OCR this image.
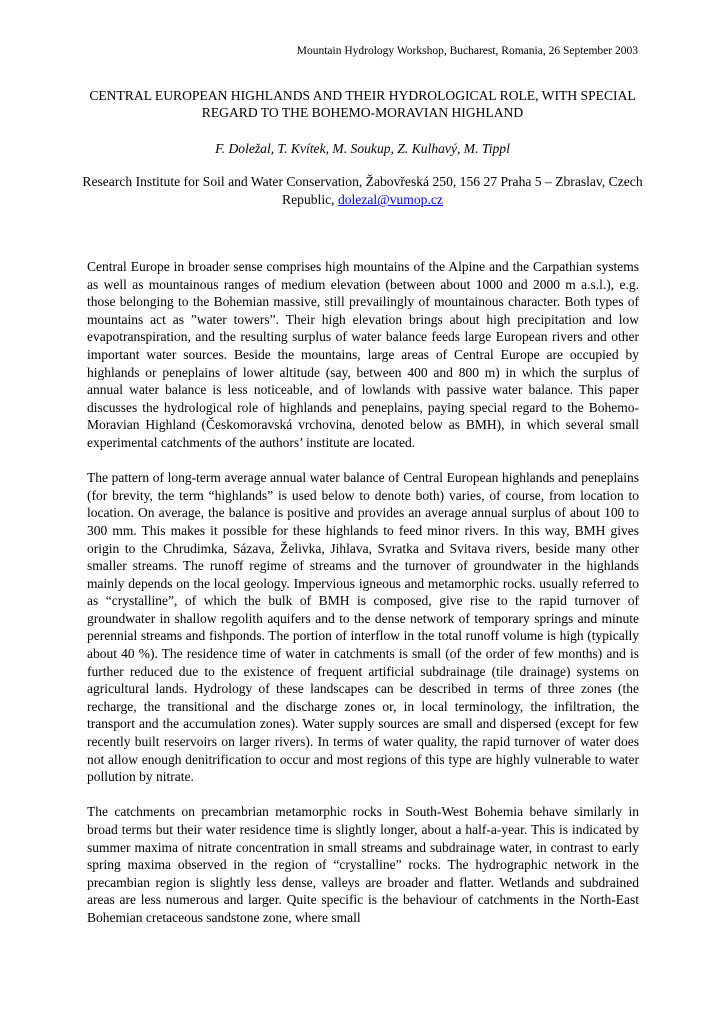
Mountain Hydrology Workshop, Bucharest, Romania, 26 September 2003
CENTRAL EUROPEAN HIGHLANDS AND THEIR HYDROLOGICAL ROLE, WITH SPECIAL REGARD TO THE BOHEMO-MORAVIAN HIGHLAND
F. Doležal, T. Kvítek, M. Soukup, Z. Kulhavý, M. Tippl
Research Institute for Soil and Water Conservation, Žabovřeská 250, 156 27 Praha 5 – Zbraslav, Czech Republic, dolezal@vumop.cz

Central Europe in broader sense comprises high mountains of the Alpine and the Carpathian systems as well as mountainous ranges of medium elevation (between about 1000 and 2000 m a.s.l.), e.g. those belonging to the Bohemian massive, still prevailingly of mountainous character. Both types of mountains act as ”water towers”. Their high elevation brings about high precipitation and low evapotranspiration, and the resulting surplus of water balance feeds large European rivers and other important water sources. Beside the mountains, large areas of Central Europe are occupied by highlands or peneplains of lower altitude (say, between 400 and 800 m) in which the surplus of annual water balance is less noticeable, and of lowlands with passive water balance. This paper discusses the hydrological role of highlands and peneplains, paying special regard to the Bohemo-Moravian Highland (Českomoravská vrchovina, denoted below as BMH), in which several small experimental catchments of the authors’ institute are located.

The pattern of long-term average annual water balance of Central European highlands and peneplains (for brevity, the term “highlands” is used below to denote both) varies, of course, from location to location. On average, the balance is positive and provides an average annual surplus of about 100 to 300 mm. This makes it possible for these highlands to feed minor rivers. In this way, BMH gives origin to the Chrudimka, Sázava, Želivka, Jihlava, Svratka and Svitava rivers, beside many other smaller streams. The runoff regime of streams and the turnover of groundwater in the highlands mainly depends on the local geology. Impervious igneous and metamorphic rocks. usually referred to as “crystalline”, of which the bulk of BMH is composed, give rise to the rapid turnover of groundwater in shallow regolith aquifers and to the dense network of temporary springs and minute perennial streams and fishponds. The portion of interflow in the total runoff volume is high (typically about 40 %). The residence time of water in catchments is small (of the order of few months) and is further reduced due to the existence of frequent artificial subdrainage (tile drainage) systems on agricultural lands. Hydrology of these landscapes can be described in terms of three zones (the recharge, the transitional and the discharge zones or, in local terminology, the infiltration, the transport and the accumulation zones). Water supply sources are small and dispersed (except for few recently built reservoirs on larger rivers). In terms of water quality, the rapid turnover of water does not allow enough denitrification to occur and most regions of this type are highly vulnerable to water pollution by nitrate.

The catchments on precambrian metamorphic rocks in South-West Bohemia behave similarly in broad terms but their water residence time is slightly longer, about a half-a-year. This is indicated by summer maxima of nitrate concentration in small streams and subdrainage water, in contrast to early spring maxima observed in the region of “crystalline” rocks. The hydrographic network in the precambian region is slightly less dense, valleys are broader and flatter. Wetlands and subdrained areas are less numerous and larger. Quite specific is the behaviour of catchments in the North-East Bohemian cretaceous sandstone zone, where small
